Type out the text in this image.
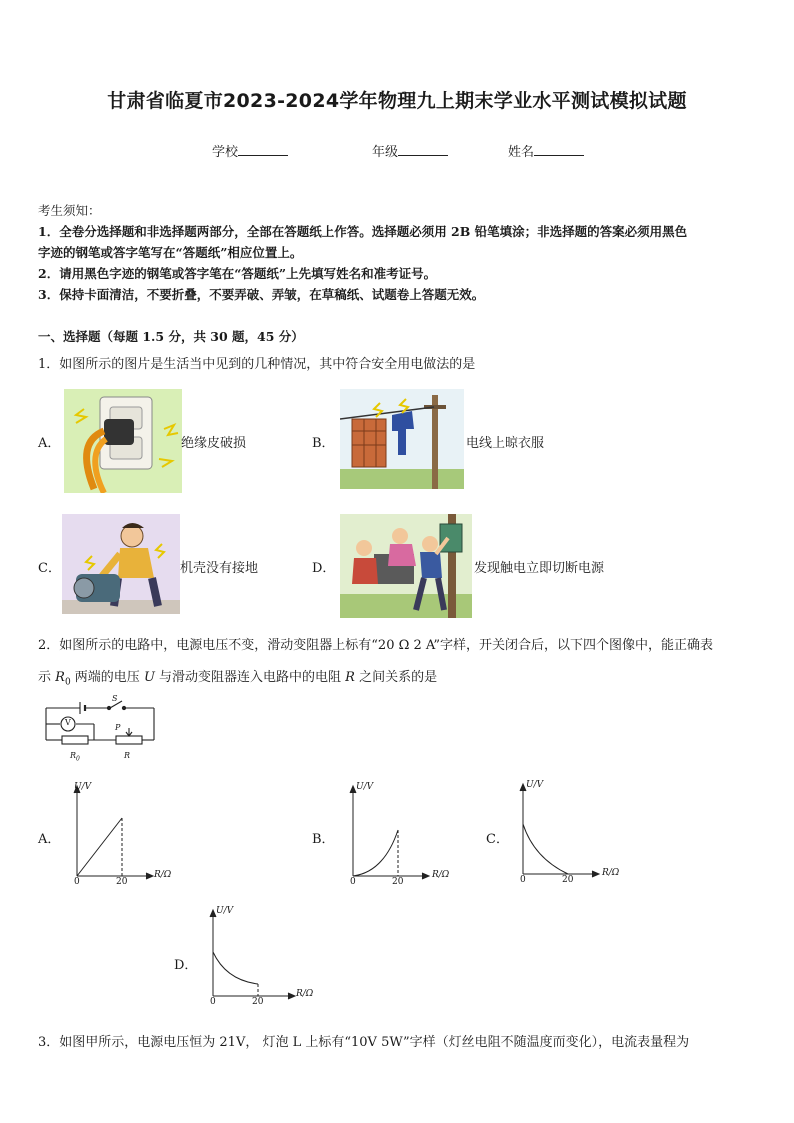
甘肃省临夏市2023-2024学年物理九上期末学业水平测试模拟试题
学校	年级	姓名
考生须知：
1．全卷分选择题和非选择题两部分，全部在答题纸上作答。选择题必须用 2B 铅笔填涂；非选择题的答案必须用黑色
字迹的钢笔或答字笔写在“答题纸”相应位置上。
2．请用黑色字迹的钢笔或答字笔在“答题纸”上先填写姓名和准考证号。
3．保持卡面清洁，不要折叠，不要弄破、弄皱，在草稿纸、试题卷上答题无效。
一、选择题（每题 1.5 分，共 30 题，45 分）
1．如图所示的图片是生活当中见到的几种情况，其中符合安全用电做法的是
A．	绝缘皮破损	B．	电线上晾衣服
C．	机壳没有接地	D．	发现触电立即切断电源
2．如图所示的电路中，电源电压不变，滑动变阻器上标有“20 Ω 2 A”字样，开关闭合后，以下四个图像中，能正确表
示 $R_0$ 两端的电压 U 与滑动变阻器连入电路中的电阻 R 之间关系的是
S
V
P
$R_0$	R
A．
U/V
R/Ω
0	20
B．
U/V
R/Ω
0	20
C．
U/V
R/Ω
0	20
D．
U/V
R/Ω
0	20
3．如图甲所示，电源电压恒为 21V， 灯泡 L 上标有“10V 5W”字样（灯丝电阻不随温度而变化），电流表量程为
